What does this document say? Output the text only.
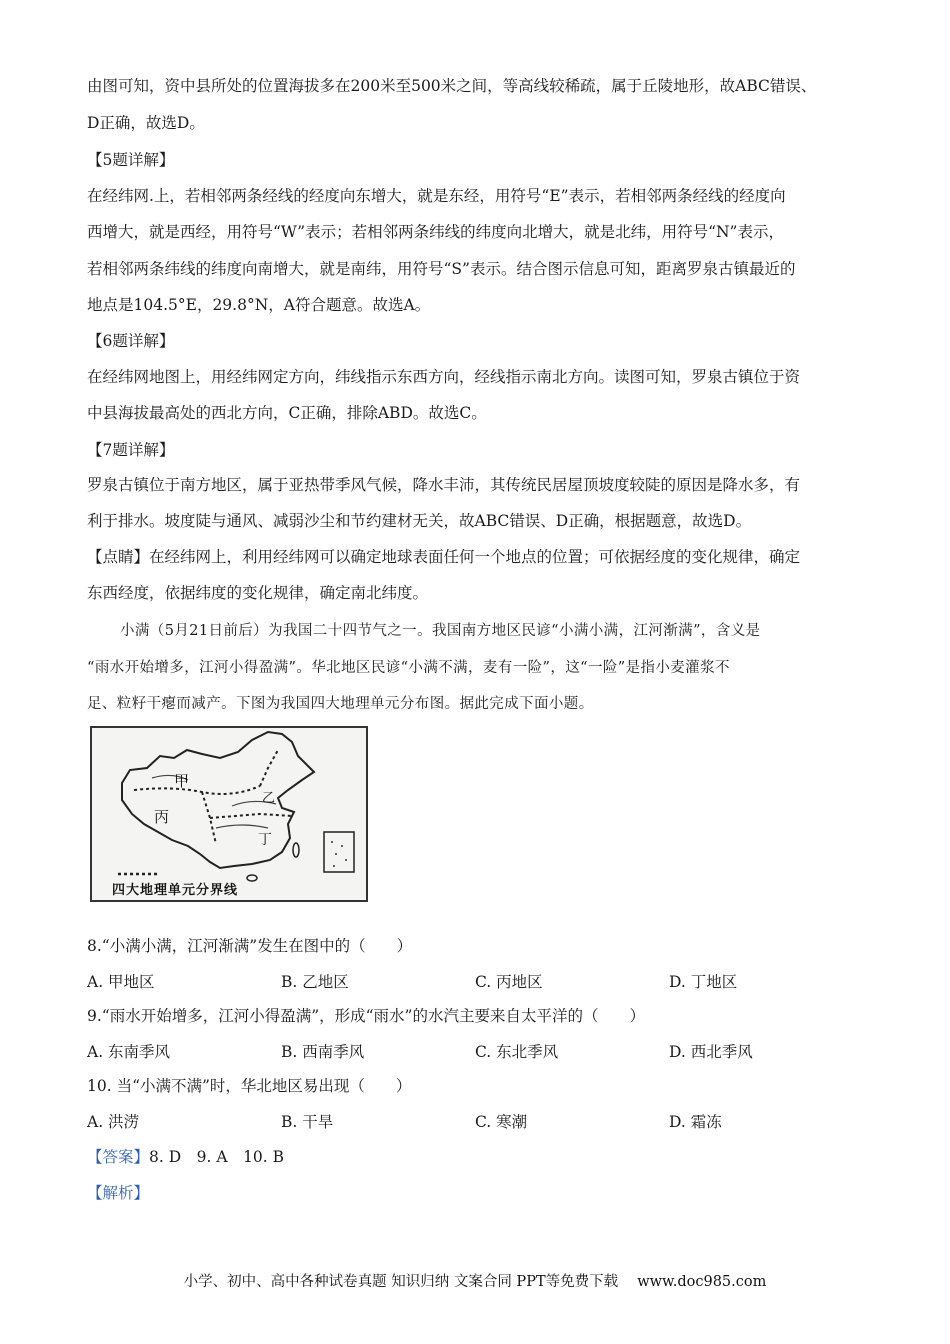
由图可知，资中县所处的位置海拔多在200米至500米之间，等高线较稀疏，属于丘陵地形，故ABC错误、
D正确，故选D。
【5题详解】
在经纬网.上，若相邻两条经线的经度向东增大，就是东经，用符号“E”表示，若相邻两条经线的经度向
西增大，就是西经，用符号“W”表示；若相邻两条纬线的纬度向北增大，就是北纬，用符号“N”表示，
若相邻两条纬线的纬度向南增大，就是南纬，用符号“S”表示。结合图示信息可知，距离罗泉古镇最近的
地点是104.5°E，29.8°N，A符合题意。故选A。
【6题详解】
在经纬网地图上，用经纬网定方向，纬线指示东西方向，经线指示南北方向。读图可知，罗泉古镇位于资
中县海拔最高处的西北方向，C正确，排除ABD。故选C。
【7题详解】
罗泉古镇位于南方地区，属于亚热带季风气候，降水丰沛，其传统民居屋顶坡度较陡的原因是降水多，有
利于排水。坡度陡与通风、减弱沙尘和节约建材无关，故ABC错误、D正确，根据题意，故选D。
【点睛】在经纬网上，利用经纬网可以确定地球表面任何一个地点的位置；可依据经度的变化规律，确定
东西经度，依据纬度的变化规律，确定南北纬度。
小满（5月21日前后）为我国二十四节气之一。我国南方地区民谚“小满小满，江河渐满”，含义是
“雨水开始增多，江河小得盈满”。华北地区民谚“小满不满，麦有一险”，这“一险”是指小麦灌浆不
足、粒籽干瘪而减产。下图为我国四大地理单元分布图。据此完成下面小题。
甲
丙
乙
丁
四大地理单元分界线
8.“小满小满，江河渐满”发生在图中的（　　）
A. 甲地区	B. 乙地区	C. 丙地区	D. 丁地区
9.“雨水开始增多，江河小得盈满”，形成“雨水”的水汽主要来自太平洋的（　　）
A. 东南季风	B. 西南季风	C. 东北季风	D. 西北季风
10. 当“小满不满”时，华北地区易出现（　　）
A. 洪涝	B. 干旱	C. 寒潮	D. 霜冻
【答案】8. D　9. A　10. B
【解析】
小学、初中、高中各种试卷真题 知识归纳 文案合同 PPT等免费下载　 www.doc985.com
